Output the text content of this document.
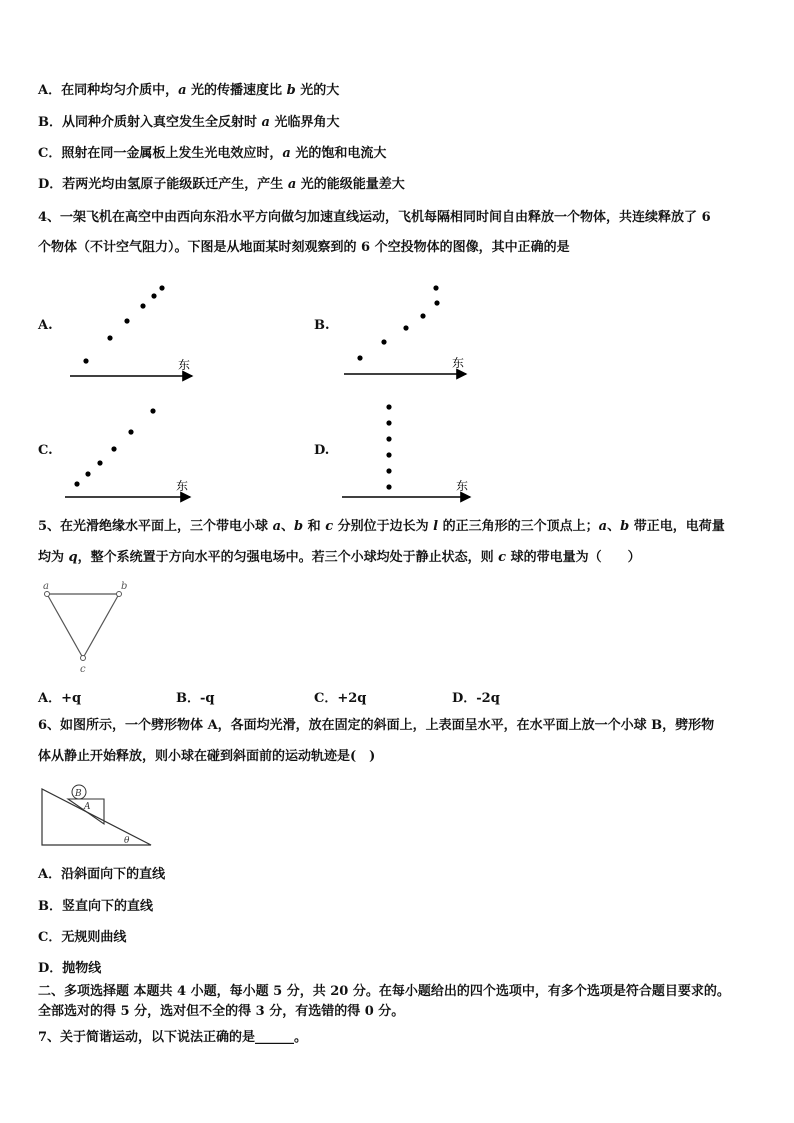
A．在同种均匀介质中，a 光的传播速度比 b 光的大
B．从同种介质射入真空发生全反射时 a 光临界角大
C．照射在同一金属板上发生光电效应时，a 光的饱和电流大
D．若两光均由氢原子能级跃迁产生，产生 a 光的能级能量差大
4、一架飞机在高空中由西向东沿水平方向做匀加速直线运动，飞机每隔相同时间自由释放一个物体，共连续释放了 6
个物体（不计空气阻力）。下图是从地面某时刻观察到的 6 个空投物体的图像，其中正确的是
A.	B.
C.	D.
东	东
东	东
5、在光滑绝缘水平面上，三个带电小球 a、b 和 c 分别位于边长为 l 的正三角形的三个顶点上；a、b 带正电，电荷量
均为 q，整个系统置于方向水平的匀强电场中。若三个小球均处于静止状态，则 c 球的带电量为（　　）
a	b
c
A．+q	B．-q	C．+2q	D．-2q
6、如图所示，一个劈形物体 A，各面均光滑，放在固定的斜面上，上表面呈水平，在水平面上放一个小球 B，劈形物
体从静止开始释放，则小球在碰到斜面前的运动轨迹是(　)
B
A
θ
A．沿斜面向下的直线
B．竖直向下的直线
C．无规则曲线
D．抛物线
二、多项选择题 本题共 4 小题，每小题 5 分，共 20 分。在每小题给出的四个选项中，有多个选项是符合题目要求的。
全部选对的得 5 分，选对但不全的得 3 分，有选错的得 0 分。
7、关于简谐运动，以下说法正确的是______。
